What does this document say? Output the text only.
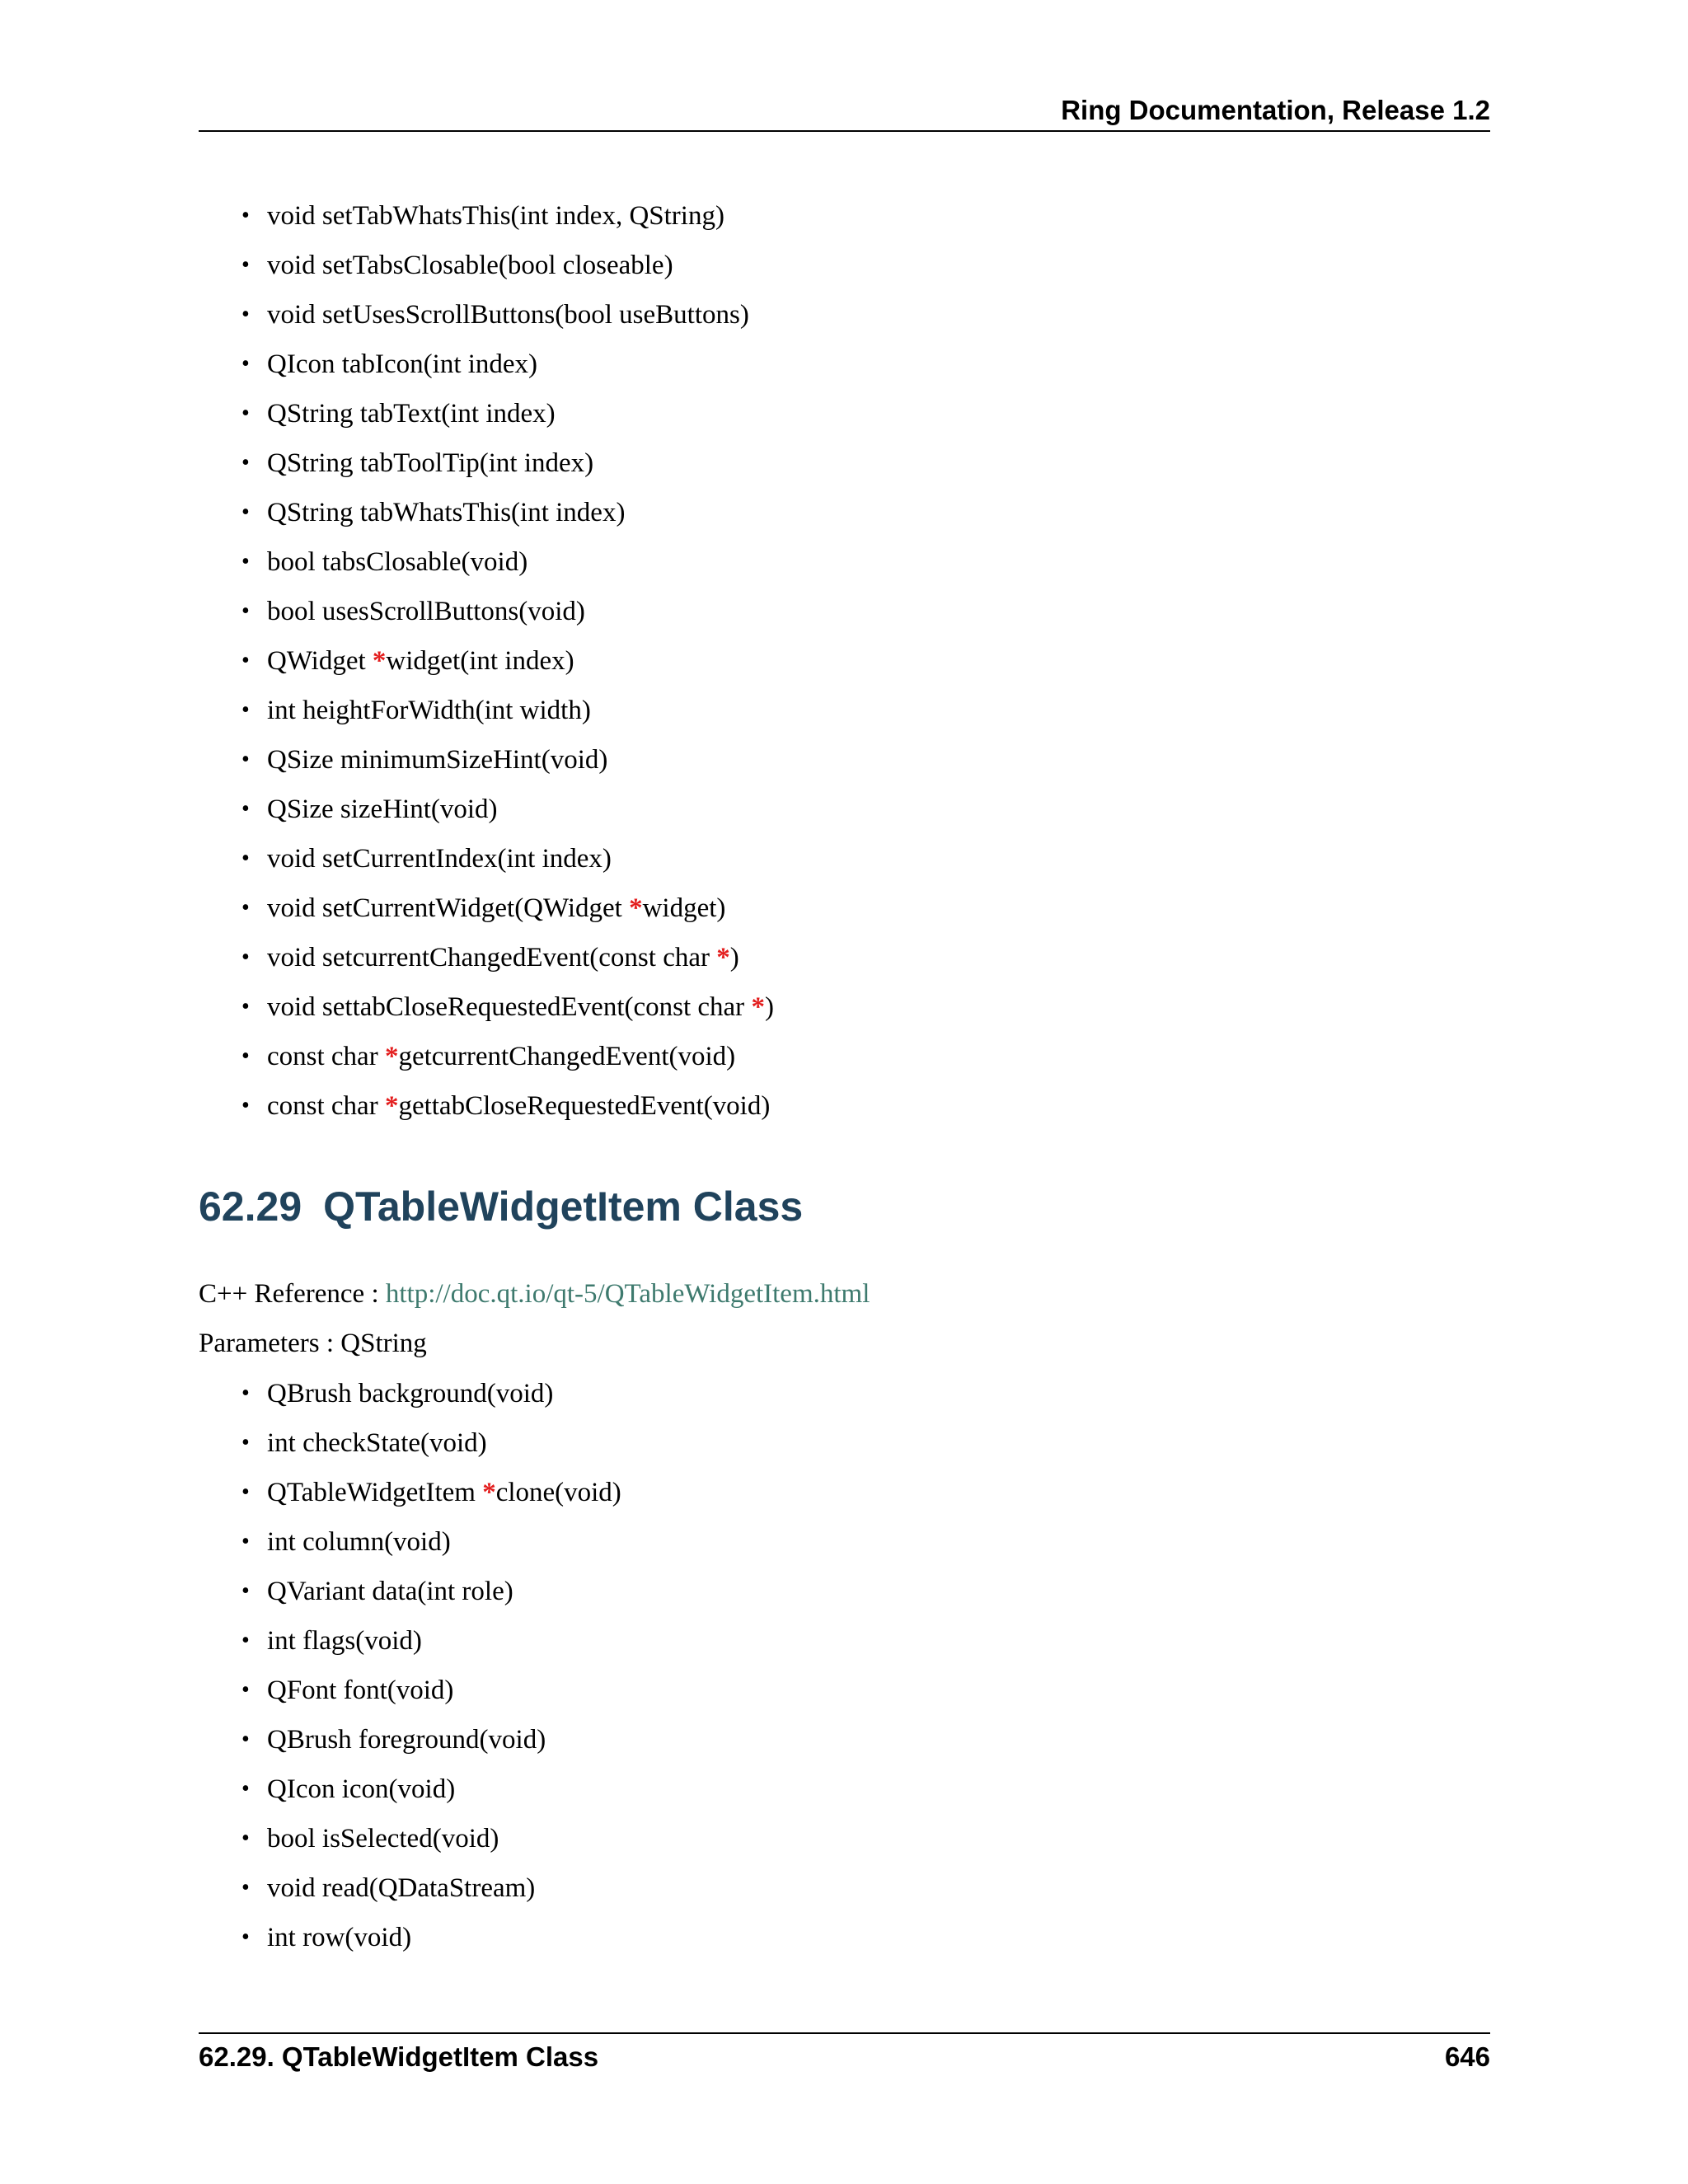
Ring Documentation, Release 1.2
• void setTabWhatsThis(int index, QString)
• void setTabsClosable(bool closeable)
• void setUsesScrollButtons(bool useButtons)
• QIcon tabIcon(int index)
• QString tabText(int index)
• QString tabToolTip(int index)
• QString tabWhatsThis(int index)
• bool tabsClosable(void)
• bool usesScrollButtons(void)
• QWidget *widget(int index)
• int heightForWidth(int width)
• QSize minimumSizeHint(void)
• QSize sizeHint(void)
• void setCurrentIndex(int index)
• void setCurrentWidget(QWidget *widget)
• void setcurrentChangedEvent(const char *)
• void settabCloseRequestedEvent(const char *)
• const char *getcurrentChangedEvent(void)
• const char *gettabCloseRequestedEvent(void)
62.29 QTableWidgetItem Class
C++ Reference : http://doc.qt.io/qt-5/QTableWidgetItem.html
Parameters : QString
• QBrush background(void)
• int checkState(void)
• QTableWidgetItem *clone(void)
• int column(void)
• QVariant data(int role)
• int flags(void)
• QFont font(void)
• QBrush foreground(void)
• QIcon icon(void)
• bool isSelected(void)
• void read(QDataStream)
• int row(void)
62.29. QTableWidgetItem Class	646
